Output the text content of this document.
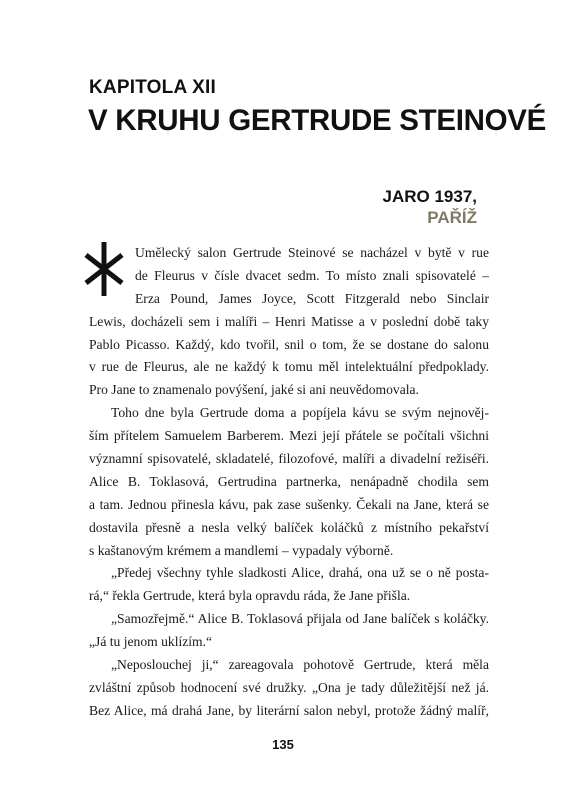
KAPITOLA XII
V KRUHU GERTRUDE STEINOVÉ
JARO 1937,
PAŘÍŽ
Umělecký salon Gertrude Steinové se nacházel v bytě v rue
de Fleurus v čísle dvacet sedm. To místo znali spisovatelé –
Erza Pound, James Joyce, Scott Fitzgerald nebo Sinclair
Lewis, docházeli sem i malíři – Henri Matisse a v poslední době taky
Pablo Picasso. Každý, kdo tvořil, snil o tom, že se dostane do salonu
v rue de Fleurus, ale ne každý k tomu měl intelektuální předpoklady.
Pro Jane to znamenalo povýšení, jaké si ani neuvědomovala.
Toho dne byla Gertrude doma a popíjela kávu se svým nejnověj-
ším přítelem Samuelem Barberem. Mezi její přátele se počítali všichni
významní spisovatelé, skladatelé, filozofové, malíři a divadelní režiséři.
Alice B. Toklasová, Gertrudina partnerka, nenápadně chodila sem
a tam. Jednou přinesla kávu, pak zase sušenky. Čekali na Jane, která se
dostavila přesně a nesla velký balíček koláčků z místního pekařství
s kaštanovým krémem a mandlemi – vypadaly výborně.
„Předej všechny tyhle sladkosti Alice, drahá, ona už se o ně posta-
rá,“ řekla Gertrude, která byla opravdu ráda, že Jane přišla.
„Samozřejmě.“ Alice B. Toklasová přijala od Jane balíček s koláčky.
„Já tu jenom uklízím.“
„Neposlouchej ji,“ zareagovala pohotově Gertrude, která měla
zvláštní způsob hodnocení své družky. „Ona je tady důležitější než já.
Bez Alice, má drahá Jane, by literární salon nebyl, protože žádný malíř,
135
